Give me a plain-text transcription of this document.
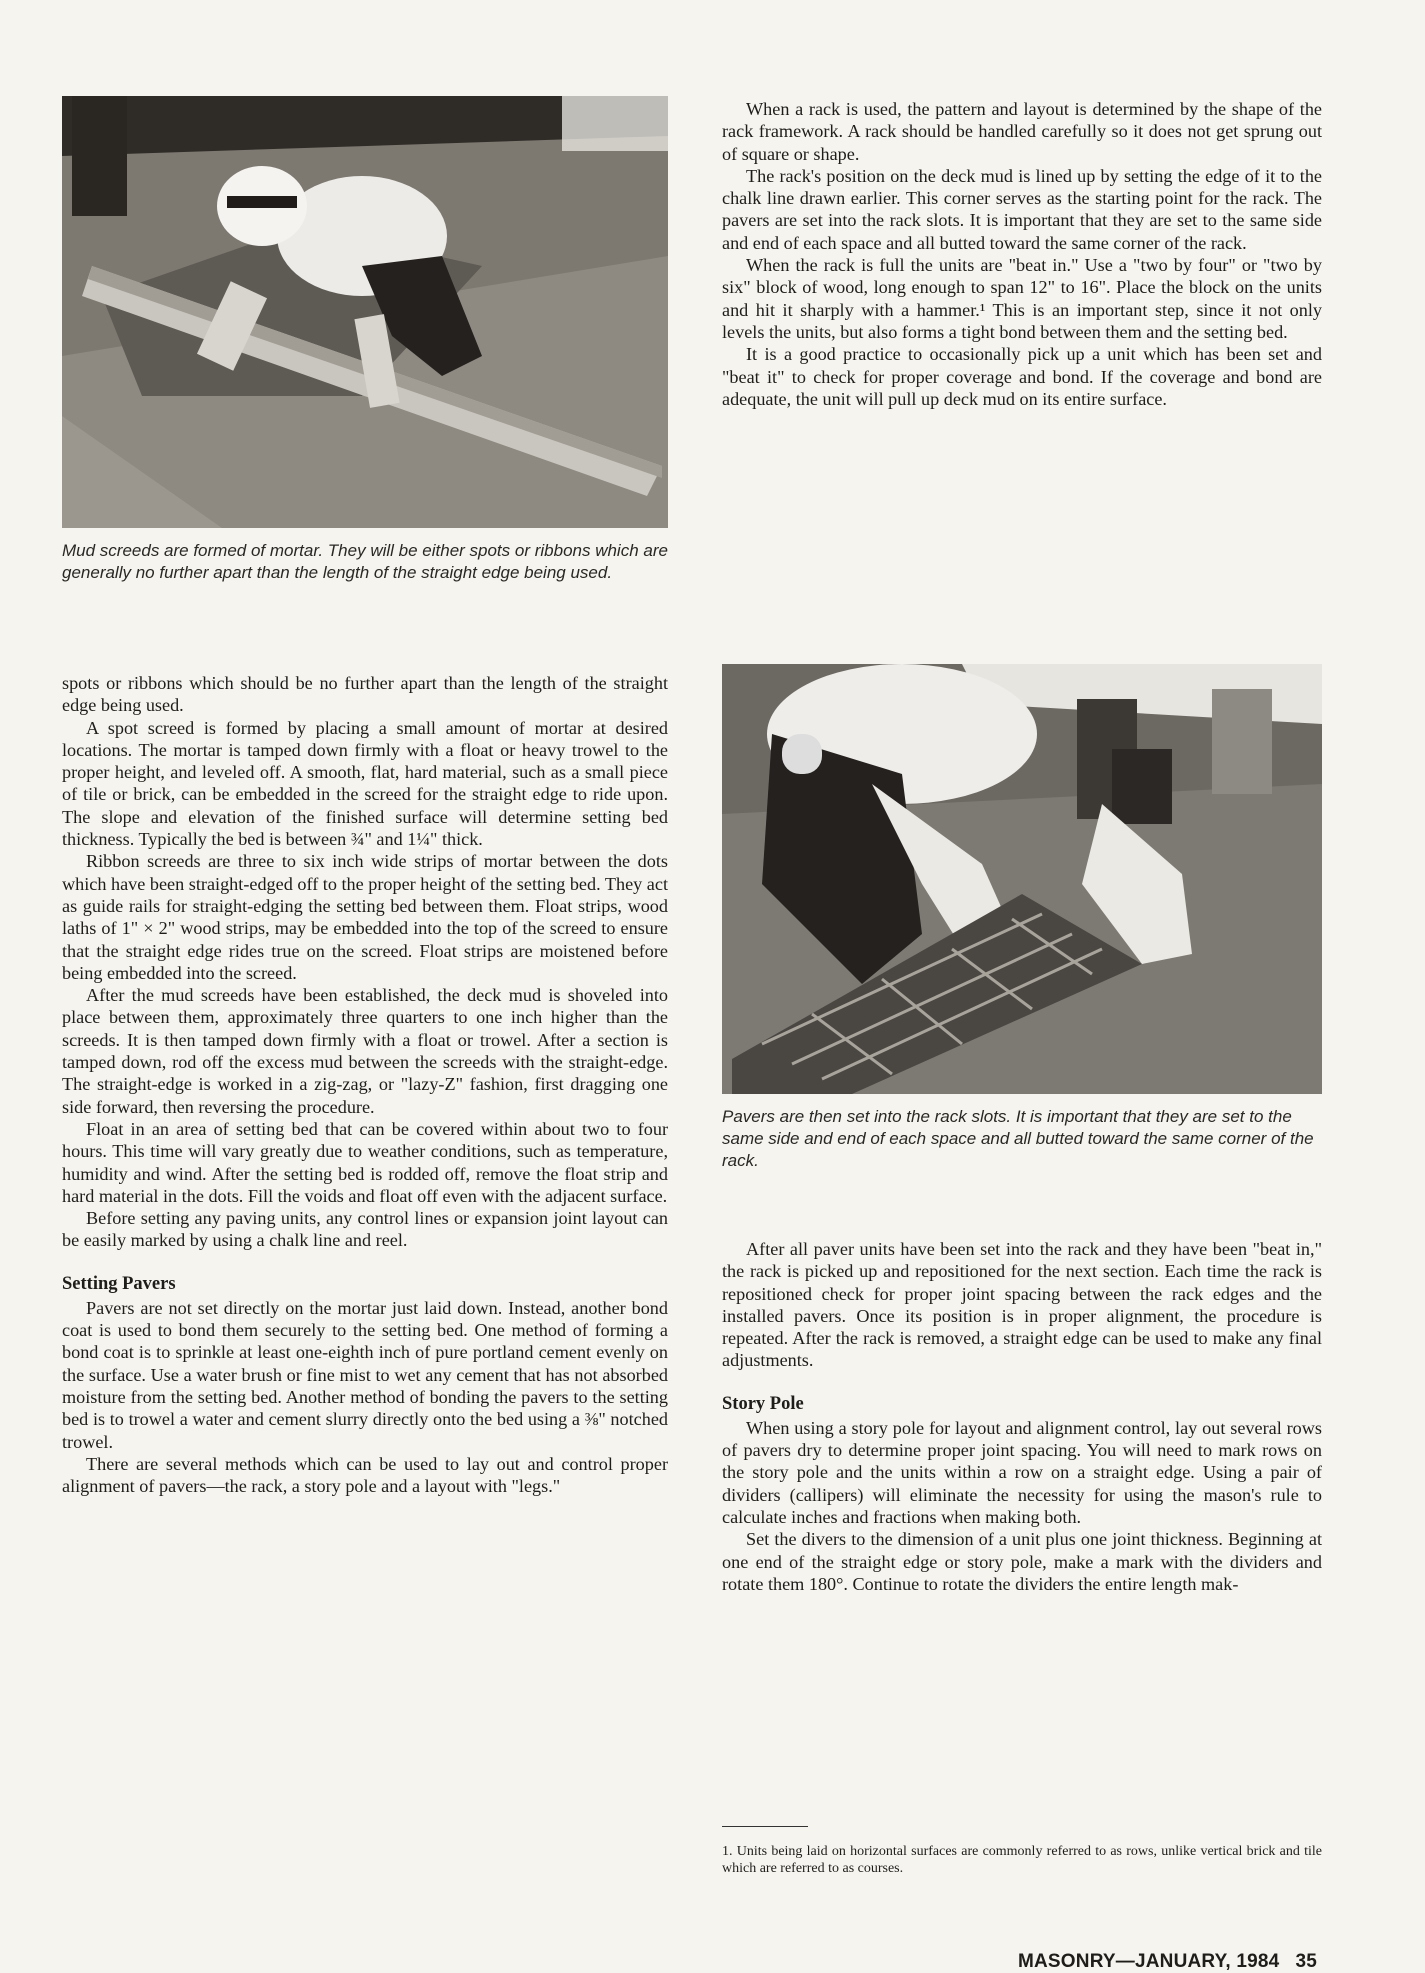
Mud screeds are formed of mortar. They will be either spots or ribbons which are generally no further apart than the length of the straight edge being used.

spots or ribbons which should be no further apart than the length of the straight edge being used.

A spot screed is formed by placing a small amount of mortar at desired locations. The mortar is tamped down firmly with a float or heavy trowel to the proper height, and leveled off. A smooth, flat, hard material, such as a small piece of tile or brick, can be embedded in the screed for the straight edge to ride upon. The slope and elevation of the finished surface will determine setting bed thickness. Typically the bed is between ¾" and 1¼" thick.

Ribbon screeds are three to six inch wide strips of mortar between the dots which have been straight-edged off to the proper height of the setting bed. They act as guide rails for straight-edging the setting bed between them. Float strips, wood laths of 1" × 2" wood strips, may be embedded into the top of the screed to ensure that the straight edge rides true on the screed. Float strips are moistened before being embedded into the screed.

After the mud screeds have been established, the deck mud is shoveled into place between them, approximately three quarters to one inch higher than the screeds. It is then tamped down firmly with a float or trowel. After a section is tamped down, rod off the excess mud between the screeds with the straight-edge. The straight-edge is worked in a zig-zag, or "lazy-Z" fashion, first dragging one side forward, then reversing the procedure.

Float in an area of setting bed that can be covered within about two to four hours. This time will vary greatly due to weather conditions, such as temperature, humidity and wind. After the setting bed is rodded off, remove the float strip and hard material in the dots. Fill the voids and float off even with the adjacent surface.

Before setting any paving units, any control lines or expansion joint layout can be easily marked by using a chalk line and reel.

Setting Pavers

Pavers are not set directly on the mortar just laid down. Instead, another bond coat is used to bond them securely to the setting bed. One method of forming a bond coat is to sprinkle at least one-eighth inch of pure portland cement evenly on the surface. Use a water brush or fine mist to wet any cement that has not absorbed moisture from the setting bed. Another method of bonding the pavers to the setting bed is to trowel a water and cement slurry directly onto the bed using a ⅜" notched trowel.

There are several methods which can be used to lay out and control proper alignment of pavers—the rack, a story pole and a layout with "legs."

When a rack is used, the pattern and layout is determined by the shape of the rack framework. A rack should be handled carefully so it does not get sprung out of square or shape.

The rack's position on the deck mud is lined up by setting the edge of it to the chalk line drawn earlier. This corner serves as the starting point for the rack. The pavers are set into the rack slots. It is important that they are set to the same side and end of each space and all butted toward the same corner of the rack.

When the rack is full the units are "beat in." Use a "two by four" or "two by six" block of wood, long enough to span 12" to 16". Place the block on the units and hit it sharply with a hammer.¹ This is an important step, since it not only levels the units, but also forms a tight bond between them and the setting bed.

It is a good practice to occasionally pick up a unit which has been set and "beat it" to check for proper coverage and bond. If the coverage and bond are adequate, the unit will pull up deck mud on its entire surface.

Pavers are then set into the rack slots. It is important that they are set to the same side and end of each space and all butted toward the same corner of the rack.

After all paver units have been set into the rack and they have been "beat in," the rack is picked up and repositioned for the next section. Each time the rack is repositioned check for proper joint spacing between the rack edges and the installed pavers. Once its position is in proper alignment, the procedure is repeated. After the rack is removed, a straight edge can be used to make any final adjustments.

Story Pole

When using a story pole for layout and alignment control, lay out several rows of pavers dry to determine proper joint spacing. You will need to mark rows on the story pole and the units within a row on a straight edge. Using a pair of dividers (callipers) will eliminate the necessity for using the mason's rule to calculate inches and fractions when making both.

Set the divers to the dimension of a unit plus one joint thickness. Beginning at one end of the straight edge or story pole, make a mark with the dividers and rotate them 180°. Continue to rotate the dividers the entire length mak-

1. Units being laid on horizontal surfaces are commonly referred to as rows, unlike vertical brick and tile which are referred to as courses.
MASONRY—JANUARY, 1984 35
